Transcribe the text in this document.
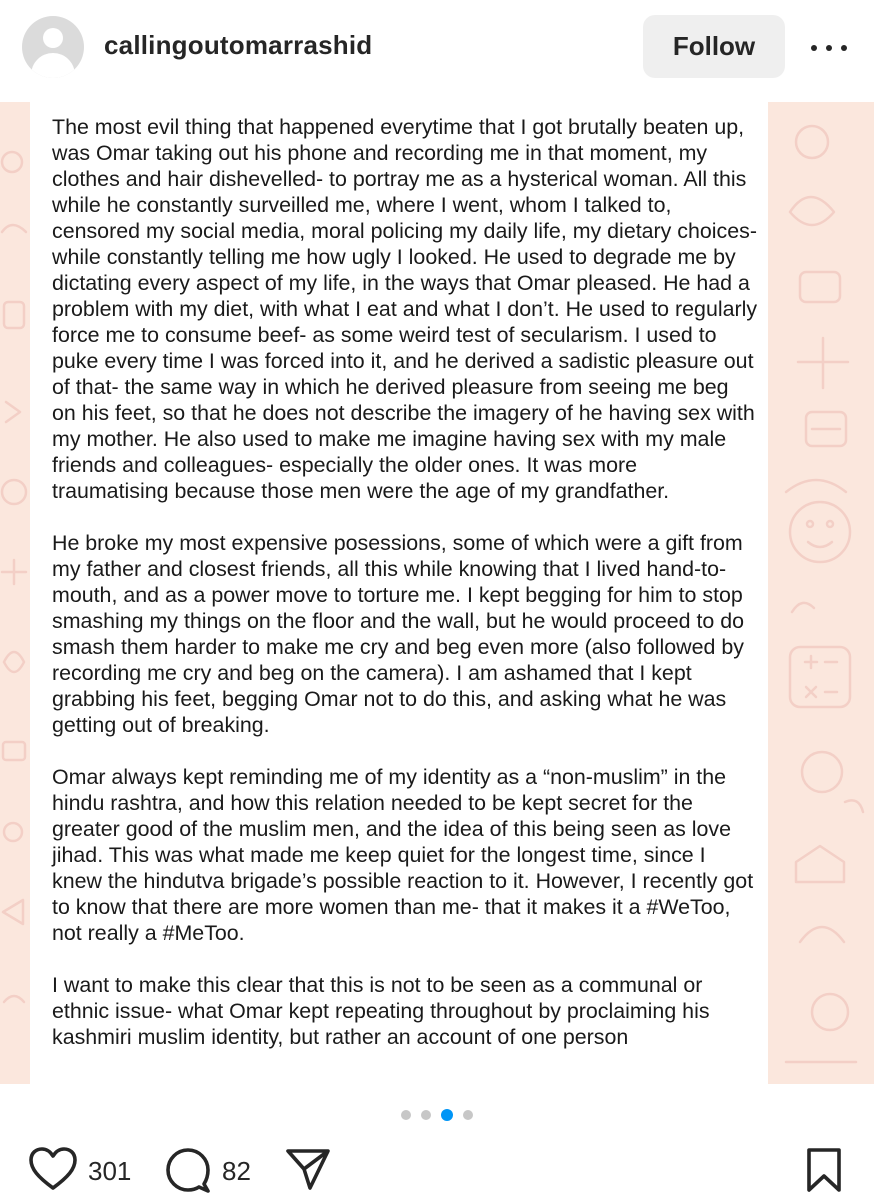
callingoutomarrashid	Follow

The most evil thing that happened everytime that I got brutally beaten up, was Omar taking out his phone and recording me in that moment, my clothes and hair dishevelled- to portray me as a hysterical woman. All this while he constantly surveilled me, where I went, whom I talked to, censored my social media, moral policing my daily life, my dietary choices- while constantly telling me how ugly I looked. He used to degrade me by dictating every aspect of my life, in the ways that Omar pleased. He had a problem with my diet, with what I eat and what I don’t. He used to regularly force me to consume beef- as some weird test of secularism. I used to puke every time I was forced into it, and he derived a sadistic pleasure out of that- the same way in which he derived pleasure from seeing me beg on his feet, so that he does not describe the imagery of he having sex with my mother. He also used to make me imagine having sex with my male friends and colleagues- especially the older ones. It was more traumatising because those men were the age of my grandfather.

He broke my most expensive posessions, some of which were a gift from my father and closest friends, all this while knowing that I lived hand-to-mouth, and as a power move to torture me. I kept begging for him to stop smashing my things on the floor and the wall, but he would proceed to do smash them harder to make me cry and beg even more (also followed by recording me cry and beg on the camera). I am ashamed that I kept grabbing his feet, begging Omar not to do this, and asking what he was getting out of breaking.

Omar always kept reminding me of my identity as a “non-muslim” in the hindu rashtra, and how this relation needed to be kept secret for the greater good of the muslim men, and the idea of this being seen as love jihad. This was what made me keep quiet for the longest time, since I knew the hindutva brigade’s possible reaction to it. However, I recently got to know that there are more women than me- that it makes it a #WeToo, not really a #MeToo.

I want to make this clear that this is not to be seen as a communal or ethnic issue- what Omar kept repeating throughout by proclaiming his kashmiri muslim identity, but rather an account of one person

301	82
